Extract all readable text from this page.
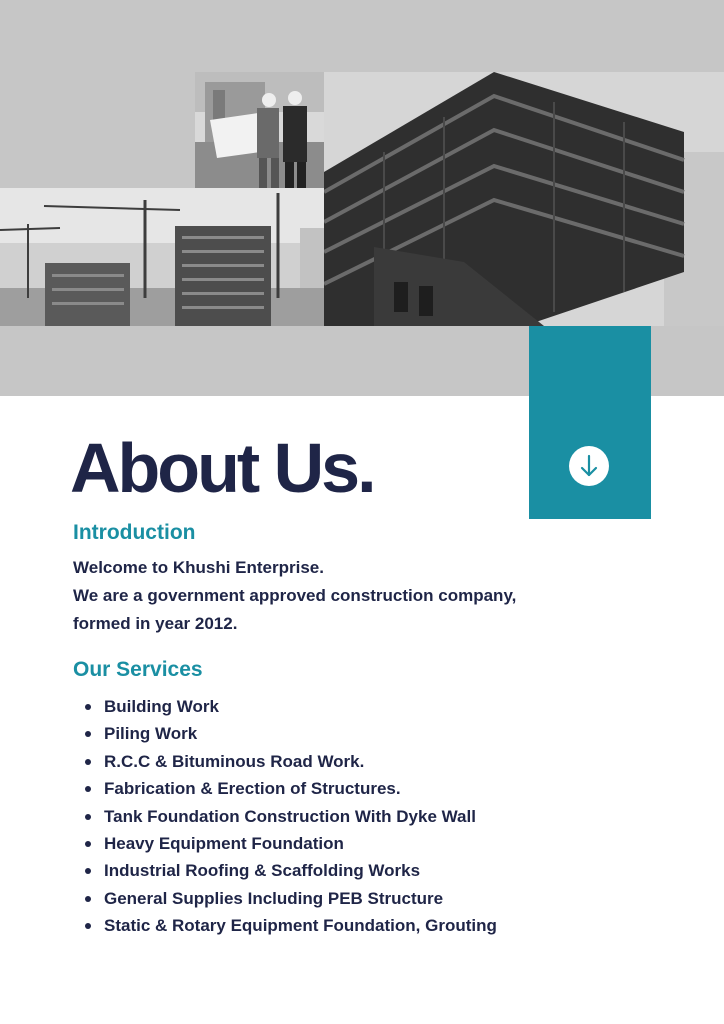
About Us.
Introduction

Welcome to Khushi Enterprise.

We are a government approved construction company,

formed in year 2012.

Our Services
Building Work
Piling Work
R.C.C & Bituminous Road Work.
Fabrication & Erection of Structures.
Tank Foundation Construction With Dyke Wall
Heavy Equipment Foundation
Industrial Roofing & Scaffolding Works
General Supplies Including PEB Structure
Static & Rotary Equipment Foundation, Grouting
